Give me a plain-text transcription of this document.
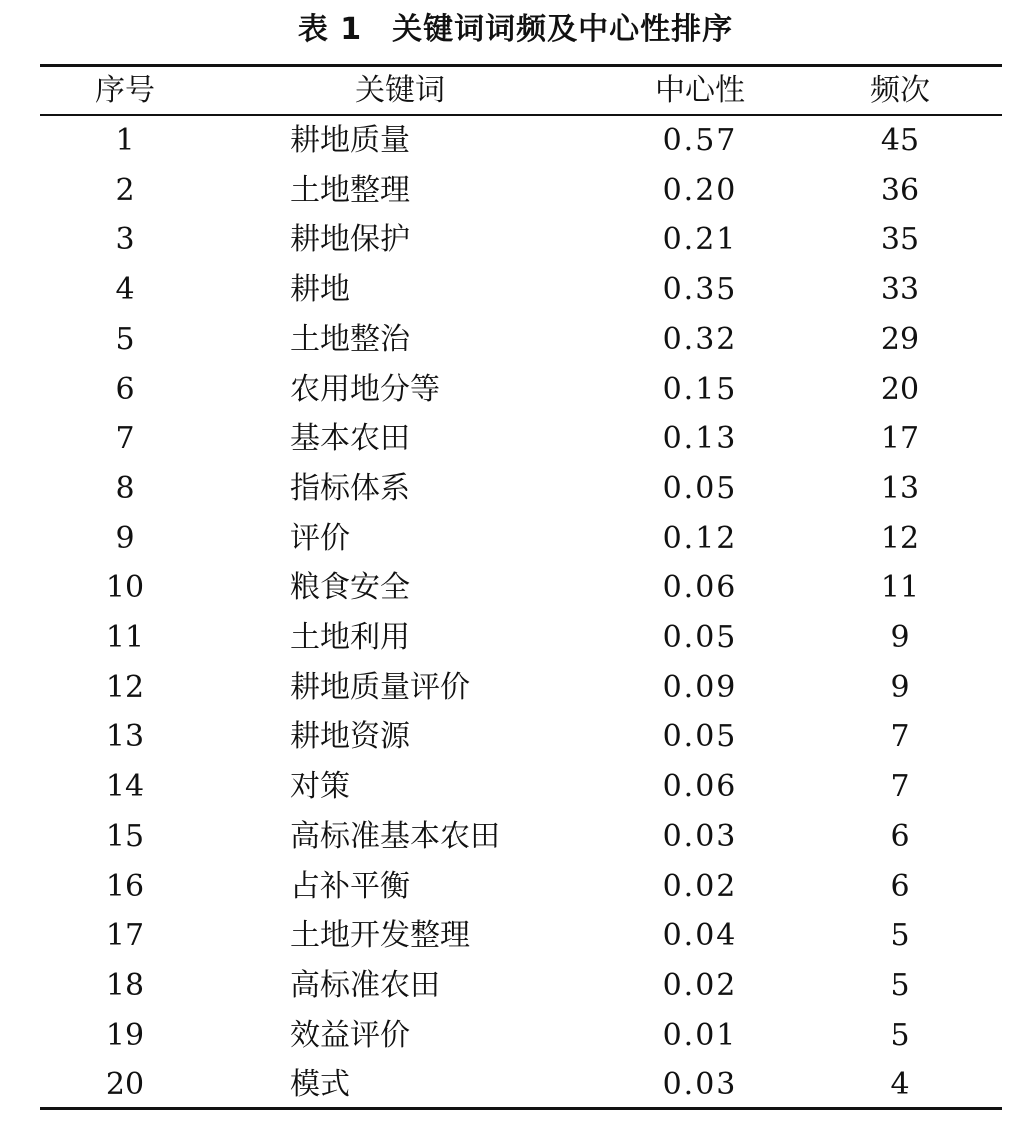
表 1 关键词词频及中心性排序
序号	关键词	中心性	频次
1	耕地质量	0.57	45
2	土地整理	0.20	36
3	耕地保护	0.21	35
4	耕地	0.35	33
5	土地整治	0.32	29
6	农用地分等	0.15	20
7	基本农田	0.13	17
8	指标体系	0.05	13
9	评价	0.12	12
10	粮食安全	0.06	11
11	土地利用	0.05	9
12	耕地质量评价	0.09	9
13	耕地资源	0.05	7
14	对策	0.06	7
15	高标准基本农田	0.03	6
16	占补平衡	0.02	6
17	土地开发整理	0.04	5
18	高标准农田	0.02	5
19	效益评价	0.01	5
20	模式	0.03	4
